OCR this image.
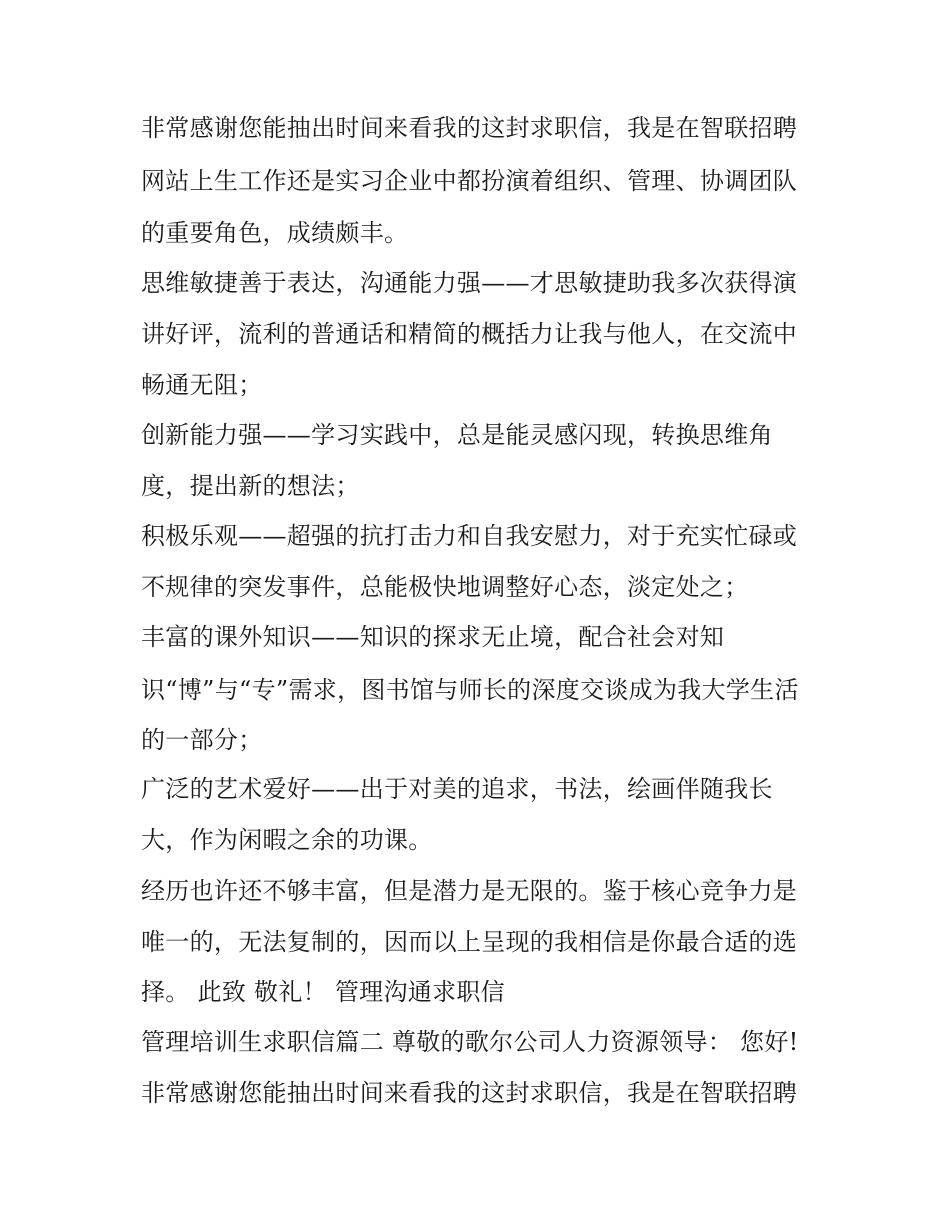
非常感谢您能抽出时间来看我的这封求职信，我是在智联招聘
网站上生工作还是实习企业中都扮演着组织、管理、协调团队
的重要角色，成绩颇丰。
思维敏捷善于表达，沟通能力强——才思敏捷助我多次获得演
讲好评，流利的普通话和精简的概括力让我与他人，在交流中
畅通无阻；
创新能力强——学习实践中，总是能灵感闪现，转换思维角
度，提出新的想法；
积极乐观——超强的抗打击力和自我安慰力，对于充实忙碌或
不规律的突发事件，总能极快地调整好心态，淡定处之；
丰富的课外知识——知识的探求无止境，配合社会对知
识“博”与“专”需求，图书馆与师长的深度交谈成为我大学生活
的一部分；
广泛的艺术爱好——出于对美的追求，书法，绘画伴随我长
大，作为闲暇之余的功课。
经历也许还不够丰富，但是潜力是无限的。鉴于核心竞争力是
唯一的，无法复制的，因而以上呈现的我相信是你最合适的选
择。 此致 敬礼！ 管理沟通求职信
管理培训生求职信篇二 尊敬的歌尔公司人力资源领导： 您好!
非常感谢您能抽出时间来看我的这封求职信，我是在智联招聘
